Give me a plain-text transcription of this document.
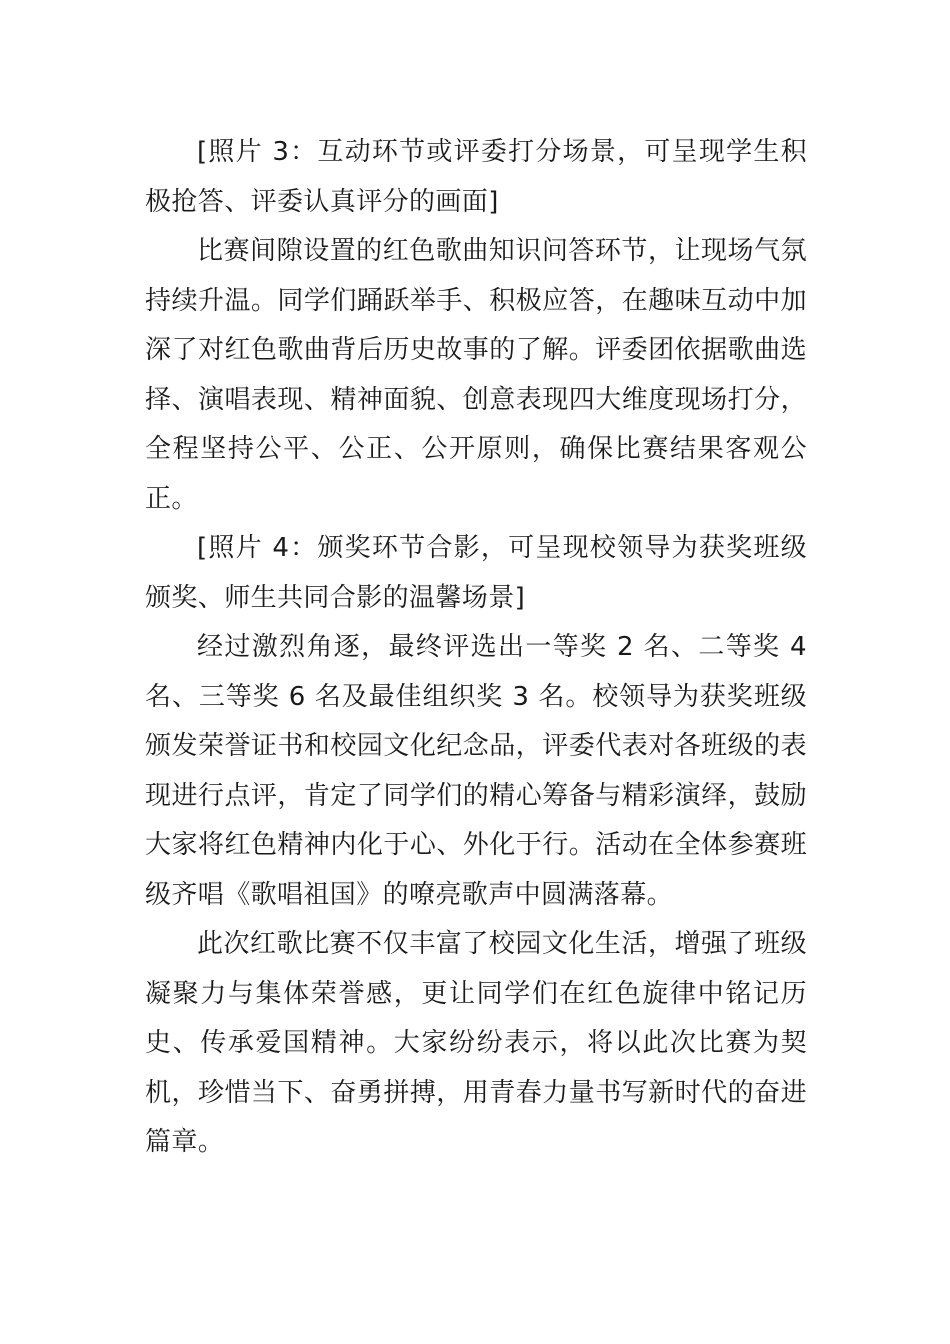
[照片 3：互动环节或评委打分场景，可呈现学生积极抢答、评委认真评分的画面]

比赛间隙设置的红色歌曲知识问答环节，让现场气氛持续升温。同学们踊跃举手、积极应答，在趣味互动中加深了对红色歌曲背后历史故事的了解。评委团依据歌曲选择、演唱表现、精神面貌、创意表现四大维度现场打分，全程坚持公平、公正、公开原则，确保比赛结果客观公正。

[照片 4：颁奖环节合影，可呈现校领导为获奖班级颁奖、师生共同合影的温馨场景]

经过激烈角逐，最终评选出一等奖 2 名、二等奖 4 名、三等奖 6 名及最佳组织奖 3 名。校领导为获奖班级颁发荣誉证书和校园文化纪念品，评委代表对各班级的表现进行点评，肯定了同学们的精心筹备与精彩演绎，鼓励大家将红色精神内化于心、外化于行。活动在全体参赛班级齐唱《歌唱祖国》的嘹亮歌声中圆满落幕。

此次红歌比赛不仅丰富了校园文化生活，增强了班级凝聚力与集体荣誉感，更让同学们在红色旋律中铭记历史、传承爱国精神。大家纷纷表示，将以此次比赛为契机，珍惜当下、奋勇拼搏，用青春力量书写新时代的奋进篇章。
